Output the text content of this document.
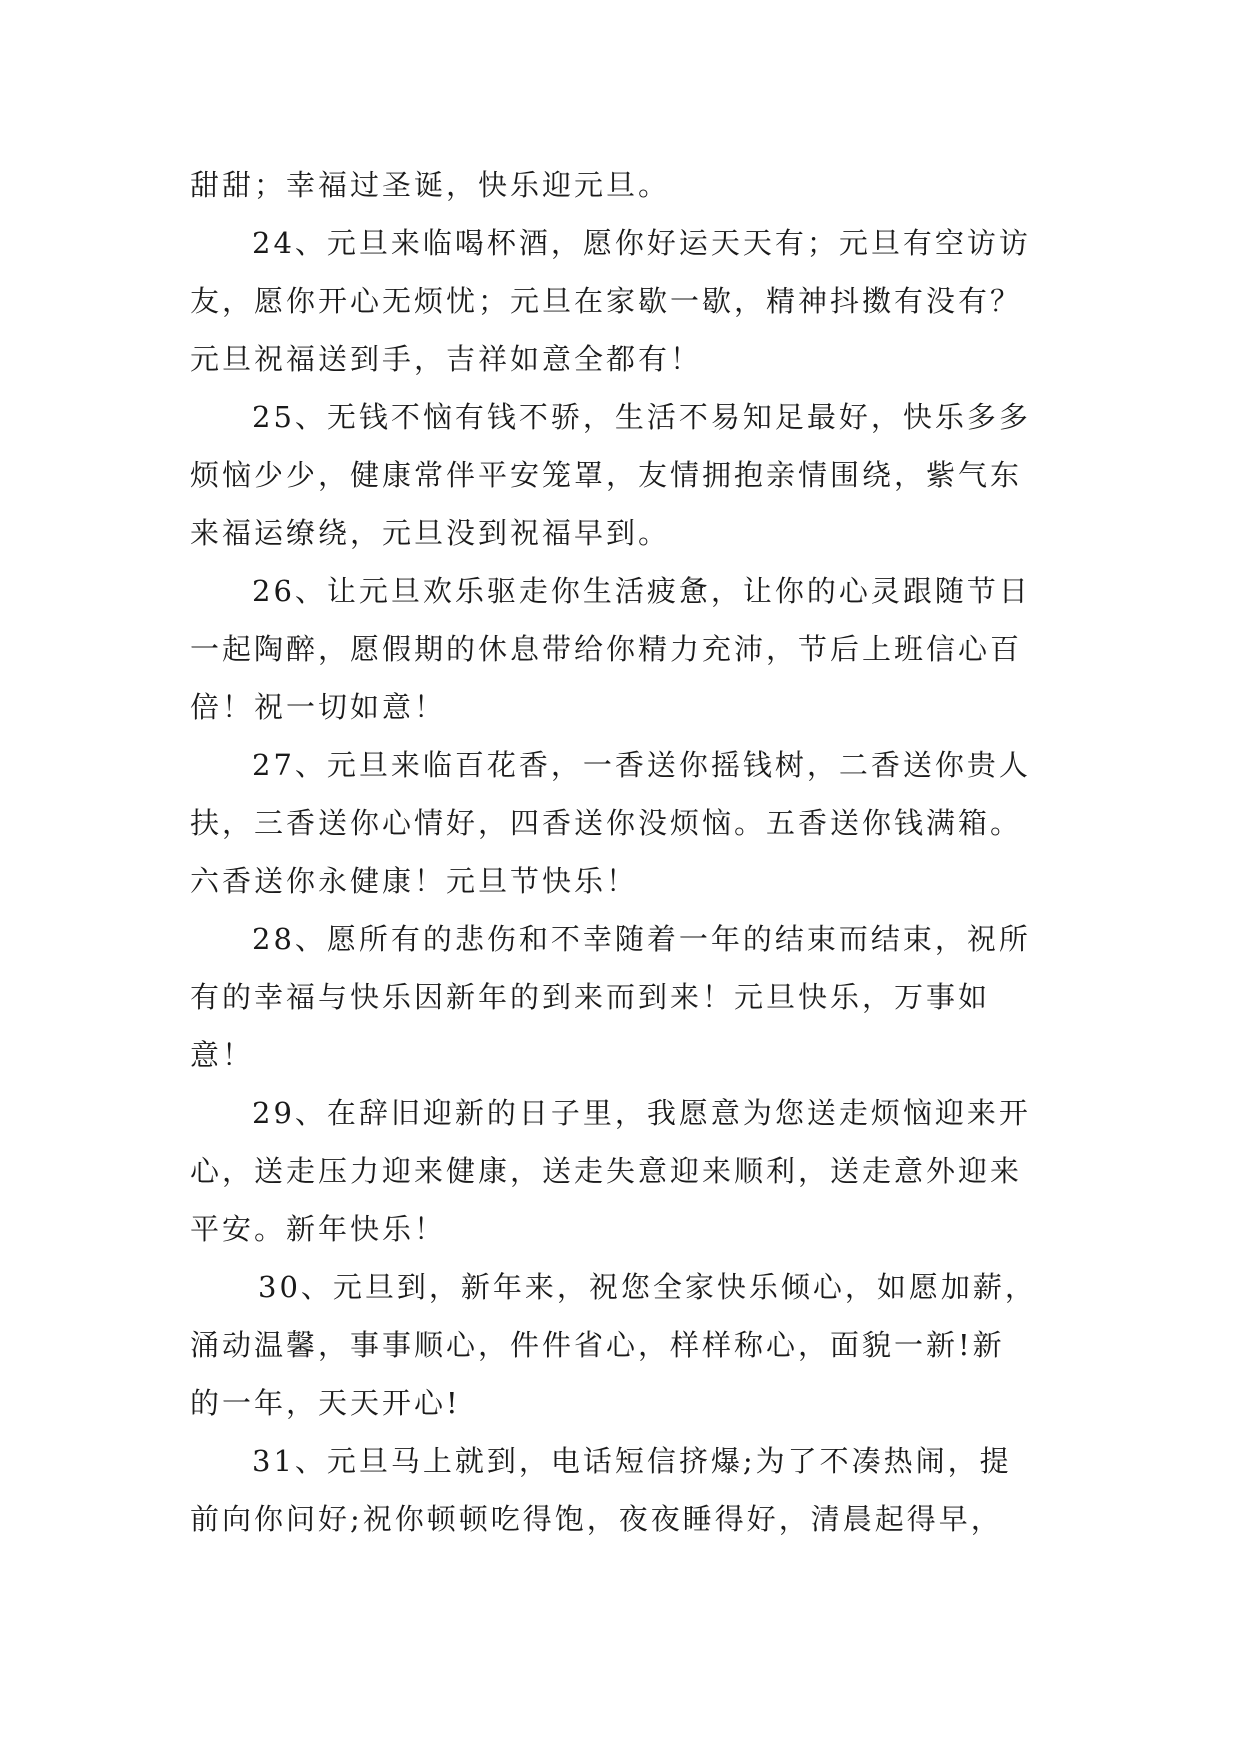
甜甜；幸福过圣诞，快乐迎元旦。
24、元旦来临喝杯酒，愿你好运天天有；元旦有空访访
友，愿你开心无烦忧；元旦在家歇一歇，精神抖擞有没有？
元旦祝福送到手，吉祥如意全都有！
25、无钱不恼有钱不骄，生活不易知足最好，快乐多多
烦恼少少，健康常伴平安笼罩，友情拥抱亲情围绕，紫气东
来福运缭绕，元旦没到祝福早到。
26、让元旦欢乐驱走你生活疲惫，让你的心灵跟随节日
一起陶醉，愿假期的休息带给你精力充沛，节后上班信心百
倍！祝一切如意！
27、元旦来临百花香，一香送你摇钱树，二香送你贵人
扶，三香送你心情好，四香送你没烦恼。五香送你钱满箱。
六香送你永健康！元旦节快乐！
28、愿所有的悲伤和不幸随着一年的结束而结束，祝所
有的幸福与快乐因新年的到来而到来！元旦快乐，万事如
意！
29、在辞旧迎新的日子里，我愿意为您送走烦恼迎来开
心，送走压力迎来健康，送走失意迎来顺利，送走意外迎来
平安。新年快乐！
30、元旦到，新年来，祝您全家快乐倾心，如愿加薪，
涌动温馨，事事顺心，件件省心，样样称心，面貌一新!新
的一年，天天开心!
31、元旦马上就到，电话短信挤爆;为了不凑热闹，提
前向你问好;祝你顿顿吃得饱，夜夜睡得好，清晨起得早，
